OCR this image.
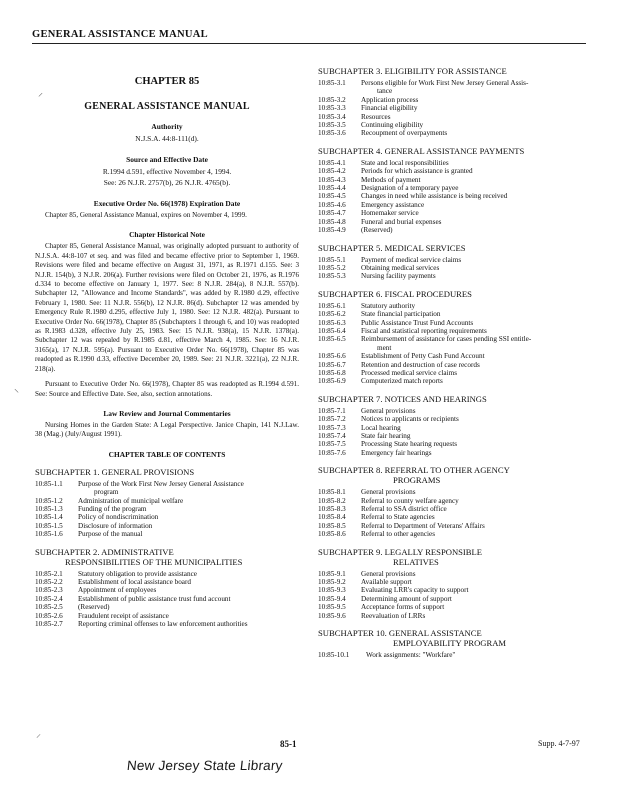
GENERAL ASSISTANCE MANUAL
⸍
⸌
⸝
CHAPTER 85
GENERAL ASSISTANCE MANUAL
Authority
N.J.S.A. 44:8-111(d).
Source and Effective Date
R.1994 d.591, effective November 4, 1994.
See: 26 N.J.R. 2757(b), 26 N.J.R. 4765(b).
Executive Order No. 66(1978) Expiration Date

Chapter 85, General Assistance Manual, expires on November 4, 1999.

Chapter Historical Note

Chapter 85, General Assistance Manual, was originally adopted pursuant to authority of N.J.S.A. 44:8-107 et seq. and was filed and became effective prior to September 1, 1969. Revisions were filed and became effective on August 31, 1971, as R.1971 d.155. See: 3 N.J.R. 154(b), 3 N.J.R. 206(a). Further revisions were filed on October 21, 1976, as R.1976 d.334 to become effective on January 1, 1977. See: 8 N.J.R. 284(a), 8 N.J.R. 557(b). Subchapter 12, "Allowance and Income Standards", was added by R.1980 d.29, effective February 1, 1980. See: 11 N.J.R. 556(b), 12 N.J.R. 86(d). Subchapter 12 was amended by Emergency Rule R.1980 d.295, effective July 1, 1980. See: 12 N.J.R. 482(a). Pursuant to Executive Order No. 66(1978), Chapter 85 (Subchapters 1 through 6, and 10) was readopted as R.1983 d.328, effective July 25, 1983. See: 15 N.J.R. 938(a), 15 N.J.R. 1378(a). Subchapter 12 was repealed by R.1985 d.81, effective March 4, 1985. See: 16 N.J.R. 3165(a), 17 N.J.R. 595(a). Pursuant to Executive Order No. 66(1978), Chapter 85 was readopted as R.1990 d.33, effective December 20, 1989. See: 21 N.J.R. 3221(a), 22 N.J.R. 218(a).

Pursuant to Executive Order No. 66(1978), Chapter 85 was readopted as R.1994 d.591. See: Source and Effective Date. See, also, section annotations.

Law Review and Journal Commentaries

Nursing Homes in the Garden State: A Legal Perspective. Janice Chapin, 141 N.J.Law. 38 (Mag.) (July/August 1991).

CHAPTER TABLE OF CONTENTS
SUBCHAPTER 1. GENERAL PROVISIONS
10:85-1.1	Purpose of the Work First New Jersey General Assistance
program
10:85-1.2	Administration of municipal welfare
10:85-1.3	Funding of the program
10:85-1.4	Policy of nondiscrimination
10:85-1.5	Disclosure of information
10:85-1.6	Purpose of the manual
SUBCHAPTER 2. ADMINISTRATIVE
RESPONSIBILITIES OF THE MUNICIPALITIES
10:85-2.1	Statutory obligation to provide assistance
10:85-2.2	Establishment of local assistance board
10:85-2.3	Appointment of employees
10:85-2.4	Establishment of public assistance trust fund account
10:85-2.5	(Reserved)
10:85-2.6	Fraudulent receipt of assistance
10:85-2.7	Reporting criminal offenses to law enforcement authorities
SUBCHAPTER 3. ELIGIBILITY FOR ASSISTANCE
10:85-3.1	Persons eligible for Work First New Jersey General Assis-
tance
10:85-3.2	Application process
10:85-3.3	Financial eligibility
10:85-3.4	Resources
10:85-3.5	Continuing eligibility
10:85-3.6	Recoupment of overpayments
SUBCHAPTER 4. GENERAL ASSISTANCE PAYMENTS
10:85-4.1	State and local responsibilities
10:85-4.2	Periods for which assistance is granted
10:85-4.3	Methods of payment
10:85-4.4	Designation of a temporary payee
10:85-4.5	Changes in need while assistance is being received
10:85-4.6	Emergency assistance
10:85-4.7	Homemaker service
10:85-4.8	Funeral and burial expenses
10:85-4.9	(Reserved)
SUBCHAPTER 5. MEDICAL SERVICES
10:85-5.1	Payment of medical service claims
10:85-5.2	Obtaining medical services
10:85-5.3	Nursing facility payments
SUBCHAPTER 6. FISCAL PROCEDURES
10:85-6.1	Statutory authority
10:85-6.2	State financial participation
10:85-6.3	Public Assistance Trust Fund Accounts
10:85-6.4	Fiscal and statistical reporting requirements
10:85-6.5	Reimbursement of assistance for cases pending SSI entitle-
ment
10:85-6.6	Establishment of Petty Cash Fund Account
10:85-6.7	Retention and destruction of case records
10:85-6.8	Processed medical service claims
10:85-6.9	Computerized match reports
SUBCHAPTER 7. NOTICES AND HEARINGS
10:85-7.1	General provisions
10:85-7.2	Notices to applicants or recipients
10:85-7.3	Local hearing
10:85-7.4	State fair hearing
10:85-7.5	Processing State hearing requests
10:85-7.6	Emergency fair hearings
SUBCHAPTER 8. REFERRAL TO OTHER AGENCY
PROGRAMS
10:85-8.1	General provisions
10:85-8.2	Referral to county welfare agency
10:85-8.3	Referral to SSA district office
10:85-8.4	Referral to State agencies
10:85-8.5	Referral to Department of Veterans' Affairs
10:85-8.6	Referral to other agencies
SUBCHAPTER 9. LEGALLY RESPONSIBLE
RELATIVES
10:85-9.1	General provisions
10:85-9.2	Available support
10:85-9.3	Evaluating LRR's capacity to support
10:85-9.4	Determining amount of support
10:85-9.5	Acceptance forms of support
10:85-9.6	Reevaluation of LRRs
SUBCHAPTER 10. GENERAL ASSISTANCE
EMPLOYABILITY PROGRAM
10:85-10.1	Work assignments: "Workfare"
85-1	Supp. 4-7-97
New Jersey State Library
